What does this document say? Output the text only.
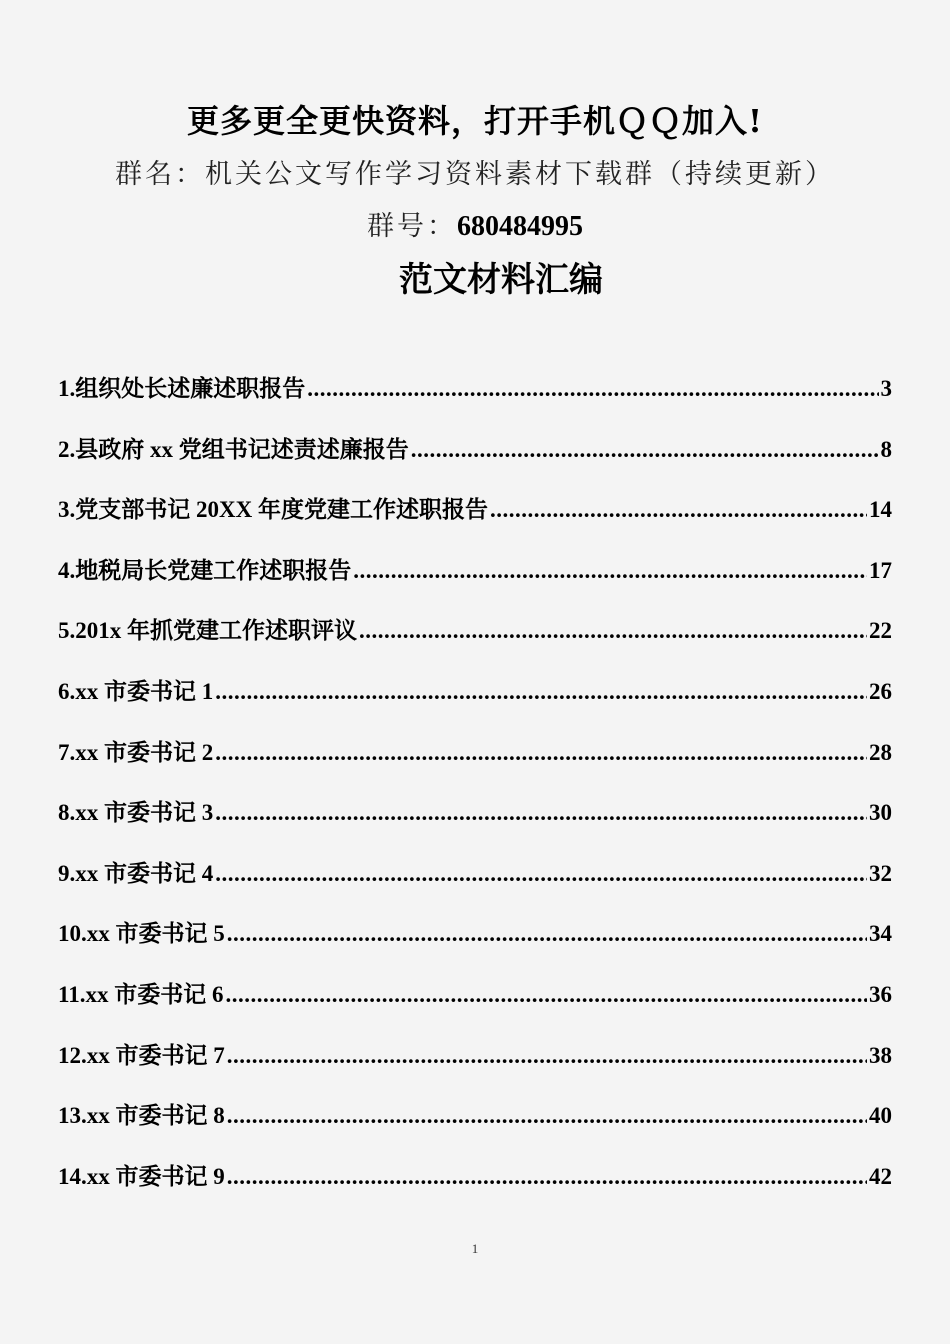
更多更全更快资料，打开手机ＱＱ加入!
群名：机关公文写作学习资料素材下载群（持续更新）
群号：680484995
范文材料汇编
1.组织处长述廉述职报告 .....	3
2.县政府 xx 党组书记述责述廉报告 .....	8
3.党支部书记 20XX 年度党建工作述职报告 .....	14
4.地税局长党建工作述职报告 .....	17
5.201x 年抓党建工作述职评议 .....	22
6.xx 市委书记 1 .....	26
7.xx 市委书记 2 .....	28
8.xx 市委书记 3 .....	30
9.xx 市委书记 4 .....	32
10.xx 市委书记 5 .....	34
11.xx 市委书记 6 .....	36
12.xx 市委书记 7 .....	38
13.xx 市委书记 8 .....	40
14.xx 市委书记 9 .....	42
1
